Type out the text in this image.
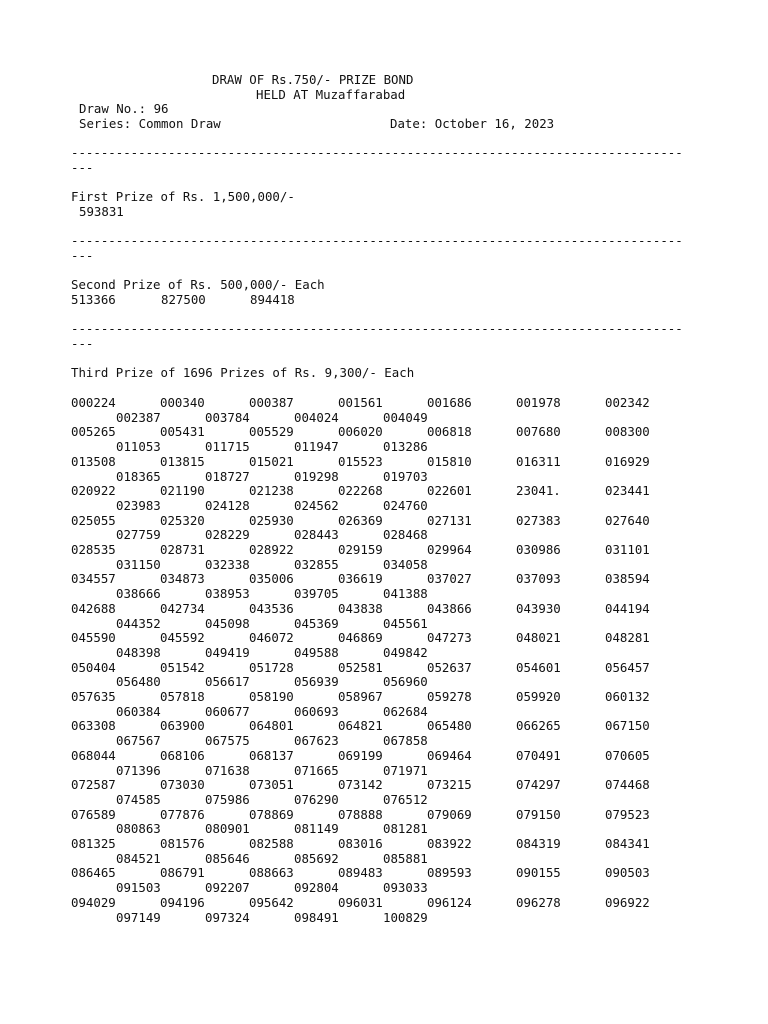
DRAW OF Rs.750/- PRIZE BOND
HELD AT Muzaffarabad
Draw No.: 96
Series: Common Draw	Date: October 16, 2023
----------------------------------------------------------------------------------
---
First Prize of Rs. 1,500,000/-
593831
----------------------------------------------------------------------------------
---
Second Prize of Rs. 500,000/- Each
513366	827500	894418
----------------------------------------------------------------------------------
---
Third Prize of 1696 Prizes of Rs. 9,300/- Each
000224	000340	000387	001561	001686	001978	002342
002387	003784	004024	004049
005265	005431	005529	006020	006818	007680	008300
011053	011715	011947	013286
013508	013815	015021	015523	015810	016311	016929
018365	018727	019298	019703
020922	021190	021238	022268	022601	23041.	023441
023983	024128	024562	024760
025055	025320	025930	026369	027131	027383	027640
027759	028229	028443	028468
028535	028731	028922	029159	029964	030986	031101
031150	032338	032855	034058
034557	034873	035006	036619	037027	037093	038594
038666	038953	039705	041388
042688	042734	043536	043838	043866	043930	044194
044352	045098	045369	045561
045590	045592	046072	046869	047273	048021	048281
048398	049419	049588	049842
050404	051542	051728	052581	052637	054601	056457
056480	056617	056939	056960
057635	057818	058190	058967	059278	059920	060132
060384	060677	060693	062684
063308	063900	064801	064821	065480	066265	067150
067567	067575	067623	067858
068044	068106	068137	069199	069464	070491	070605
071396	071638	071665	071971
072587	073030	073051	073142	073215	074297	074468
074585	075986	076290	076512
076589	077876	078869	078888	079069	079150	079523
080863	080901	081149	081281
081325	081576	082588	083016	083922	084319	084341
084521	085646	085692	085881
086465	086791	088663	089483	089593	090155	090503
091503	092207	092804	093033
094029	094196	095642	096031	096124	096278	096922
097149	097324	098491	100829
